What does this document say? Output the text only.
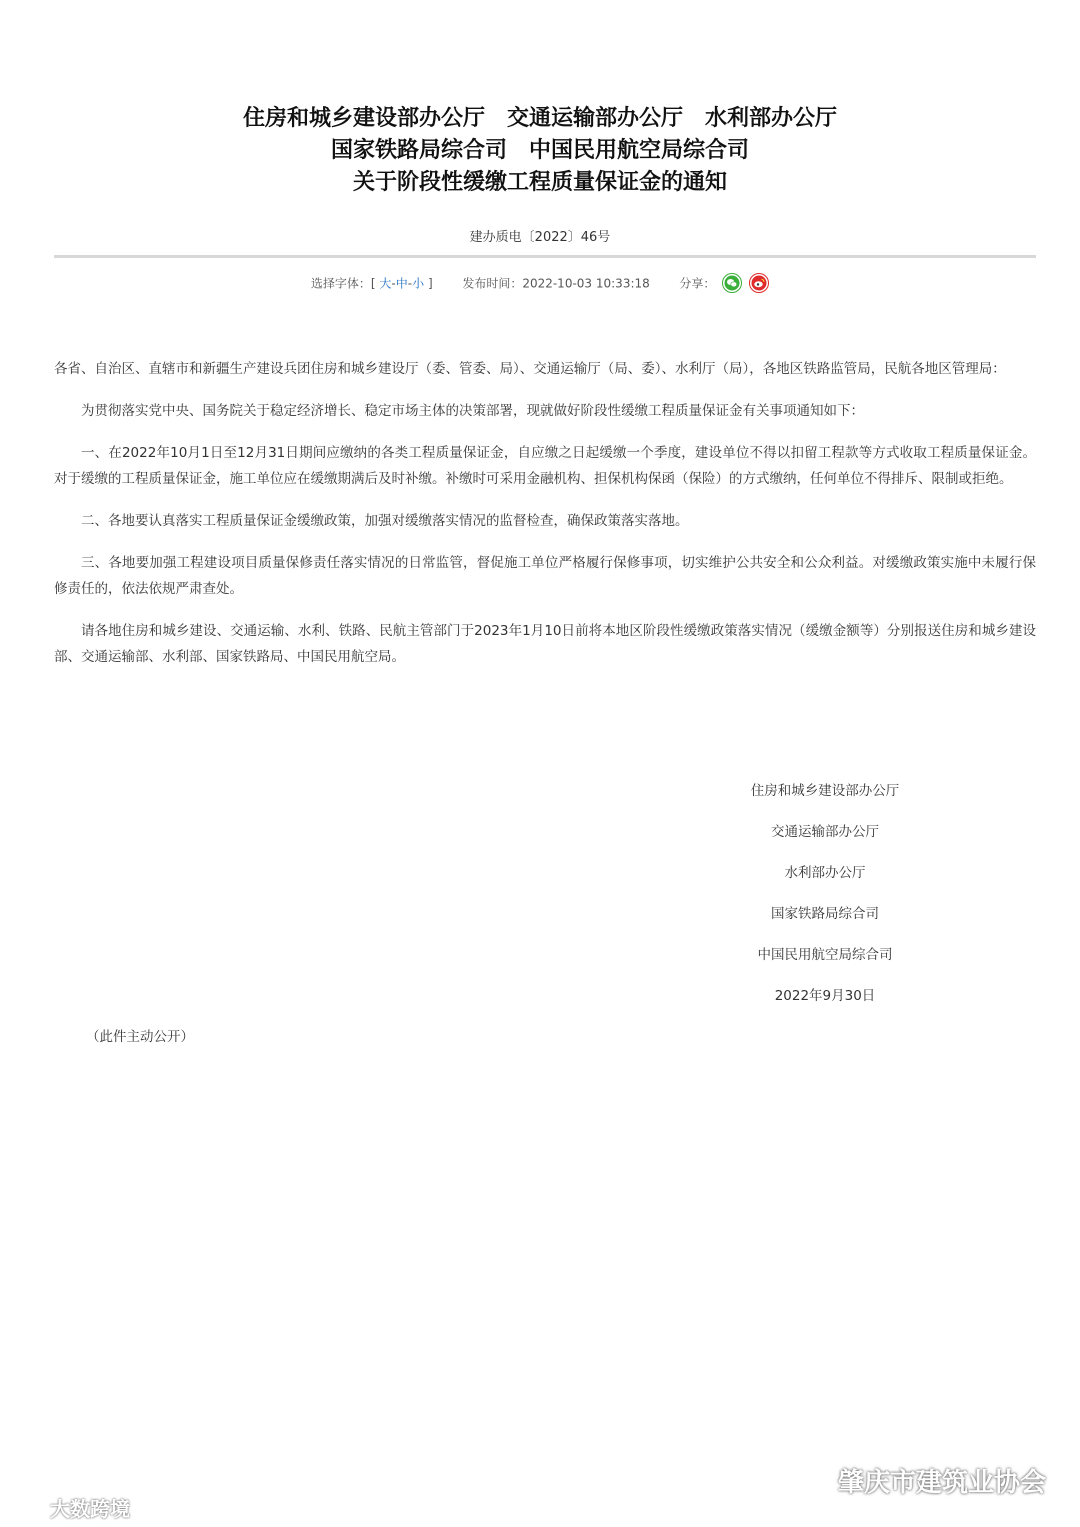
住房和城乡建设部办公厅 交通运输部办公厅 水利部办公厅
国家铁路局综合司 中国民用航空局综合司
关于阶段性缓缴工程质量保证金的通知
建办质电〔2022〕46号
选择字体：[ 大-中-小 ] 发布时间：2022-10-03 10:33:18 分享：

各省、自治区、直辖市和新疆生产建设兵团住房和城乡建设厅（委、管委、局）、交通运输厅（局、委）、水利厅（局），各地区铁路监管局，民航各地区管理局：

为贯彻落实党中央、国务院关于稳定经济增长、稳定市场主体的决策部署，现就做好阶段性缓缴工程质量保证金有关事项通知如下：

一、在2022年10月1日至12月31日期间应缴纳的各类工程质量保证金，自应缴之日起缓缴一个季度，建设单位不得以扣留工程款等方式收取工程质量保证金。对于缓缴的工程质量保证金，施工单位应在缓缴期满后及时补缴。补缴时可采用金融机构、担保机构保函（保险）的方式缴纳，任何单位不得排斥、限制或拒绝。

二、各地要认真落实工程质量保证金缓缴政策，加强对缓缴落实情况的监督检查，确保政策落实落地。

三、各地要加强工程建设项目质量保修责任落实情况的日常监管，督促施工单位严格履行保修事项，切实维护公共安全和公众利益。对缓缴政策实施中未履行保修责任的，依法依规严肃查处。

请各地住房和城乡建设、交通运输、水利、铁路、民航主管部门于2023年1月10日前将本地区阶段性缓缴政策落实情况（缓缴金额等）分别报送住房和城乡建设部、交通运输部、水利部、国家铁路局、中国民用航空局。

住房和城乡建设部办公厅
交通运输部办公厅
水利部办公厅
国家铁路局综合司
中国民用航空局综合司
2022年9月30日
（此件主动公开）
大数跨境
肇庆市建筑业协会
